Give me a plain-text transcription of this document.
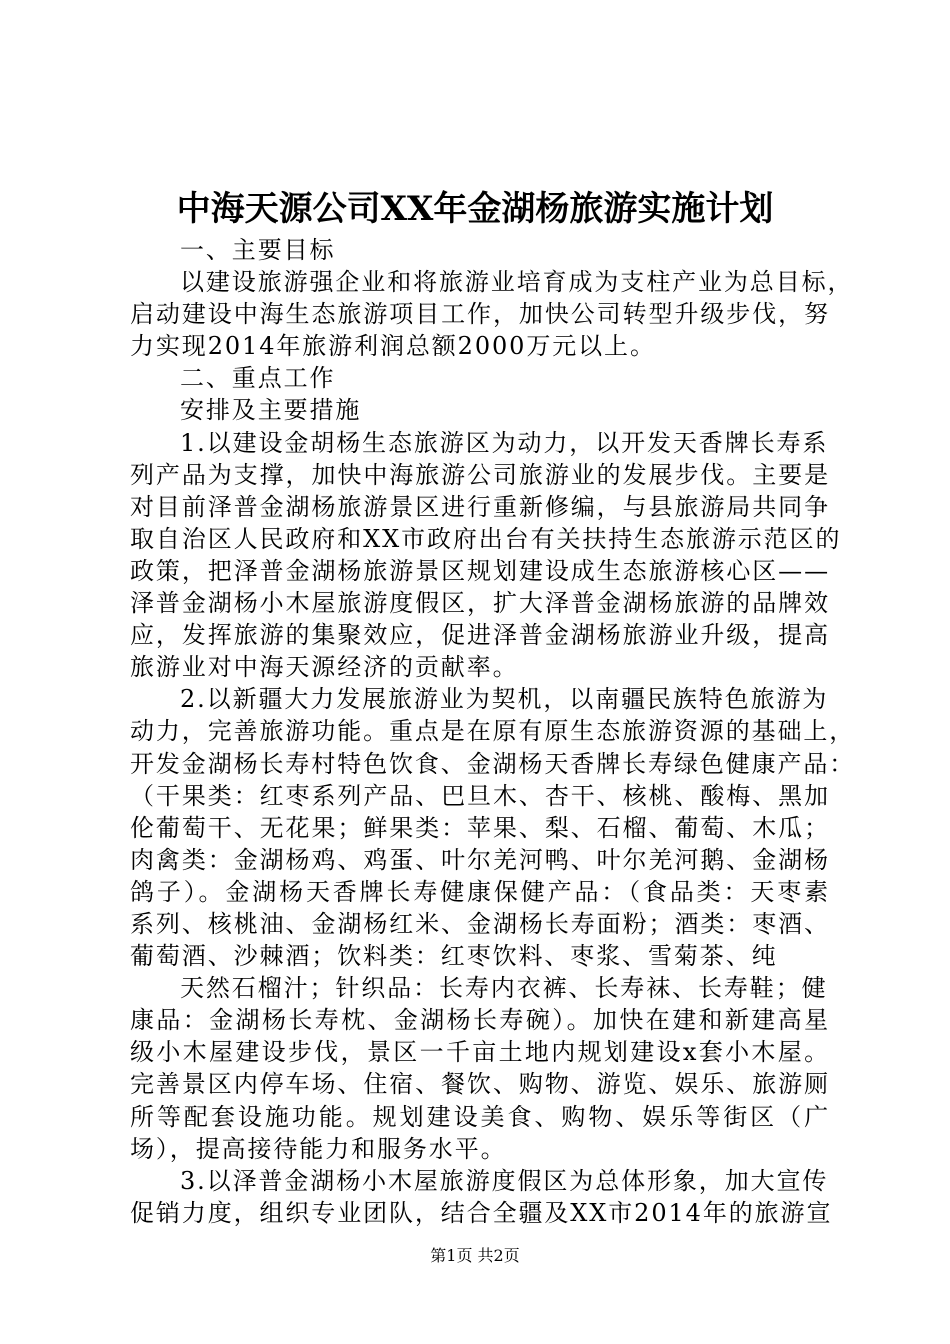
中海天源公司XX年金湖杨旅游实施计划
一、主要目标
以建设旅游强企业和将旅游业培育成为支柱产业为总目标，
启动建设中海生态旅游项目工作，加快公司转型升级步伐，努
力实现2014年旅游利润总额2000万元以上。
二、重点工作
安排及主要措施
1.以建设金胡杨生态旅游区为动力，以开发天香牌长寿系
列产品为支撑，加快中海旅游公司旅游业的发展步伐。主要是
对目前泽普金湖杨旅游景区进行重新修编，与县旅游局共同争
取自治区人民政府和XX市政府出台有关扶持生态旅游示范区的
政策，把泽普金湖杨旅游景区规划建设成生态旅游核心区——
泽普金湖杨小木屋旅游度假区，扩大泽普金湖杨旅游的品牌效
应，发挥旅游的集聚效应，促进泽普金湖杨旅游业升级，提高
旅游业对中海天源经济的贡献率。
2.以新疆大力发展旅游业为契机，以南疆民族特色旅游为
动力，完善旅游功能。重点是在原有原生态旅游资源的基础上，
开发金湖杨长寿村特色饮食、金湖杨天香牌长寿绿色健康产品：
（干果类：红枣系列产品、巴旦木、杏干、核桃、酸梅、黑加
伦葡萄干、无花果；鲜果类：苹果、梨、石榴、葡萄、木瓜；
肉禽类：金湖杨鸡、鸡蛋、叶尔羌河鸭、叶尔羌河鹅、金湖杨
鸽子）。金湖杨天香牌长寿健康保健产品：（食品类：天枣素
系列、核桃油、金湖杨红米、金湖杨长寿面粉；酒类：枣酒、
葡萄酒、沙棘酒；饮料类：红枣饮料、枣浆、雪菊茶、纯
天然石榴汁；针织品：长寿内衣裤、长寿袜、长寿鞋；健
康品：金湖杨长寿枕、金湖杨长寿碗）。加快在建和新建高星
级小木屋建设步伐，景区一千亩土地内规划建设x套小木屋。
完善景区内停车场、住宿、餐饮、购物、游览、娱乐、旅游厕
所等配套设施功能。规划建设美食、购物、娱乐等街区（广
场），提高接待能力和服务水平。
3.以泽普金湖杨小木屋旅游度假区为总体形象，加大宣传
促销力度，组织专业团队，结合全疆及XX市2014年的旅游宣
第1页 共2页
